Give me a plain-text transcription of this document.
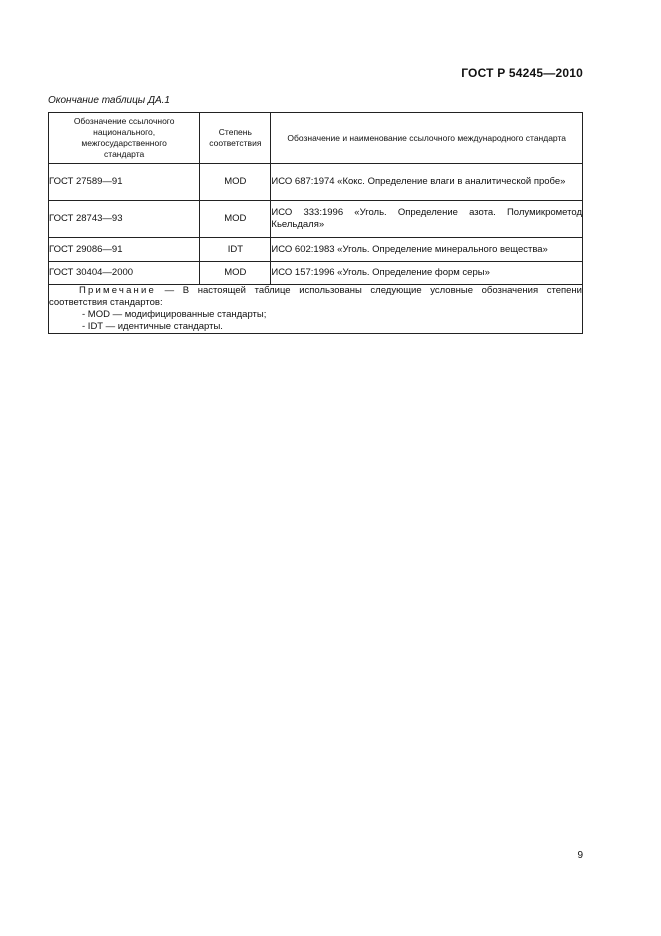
ГОСТ Р 54245—2010
Окончание таблицы ДА.1
Обозначение ссылочного национального, межгосударственного стандарта	Степень соответствия	Обозначение и наименование ссылочного международного стандарта
ГОСТ 27589—91	MOD	ИСО 687:1974 «Кокс. Определение влаги в аналитической пробе»
ГОСТ 28743—93	MOD	ИСО 333:1996 «Уголь. Определение азота. Полумикрометод Кьельдаля»
ГОСТ 29086—91	IDT	ИСО 602:1983 «Уголь. Определение минерального вещества»
ГОСТ 30404—2000	MOD	ИСО 157:1996 «Уголь. Определение форм серы»

Примечание — В настоящей таблице использованы следующие условные обозначения степени соответствия стандартов:
- MOD — модифицированные стандарты;
- IDT — идентичные стандарты.		
9
